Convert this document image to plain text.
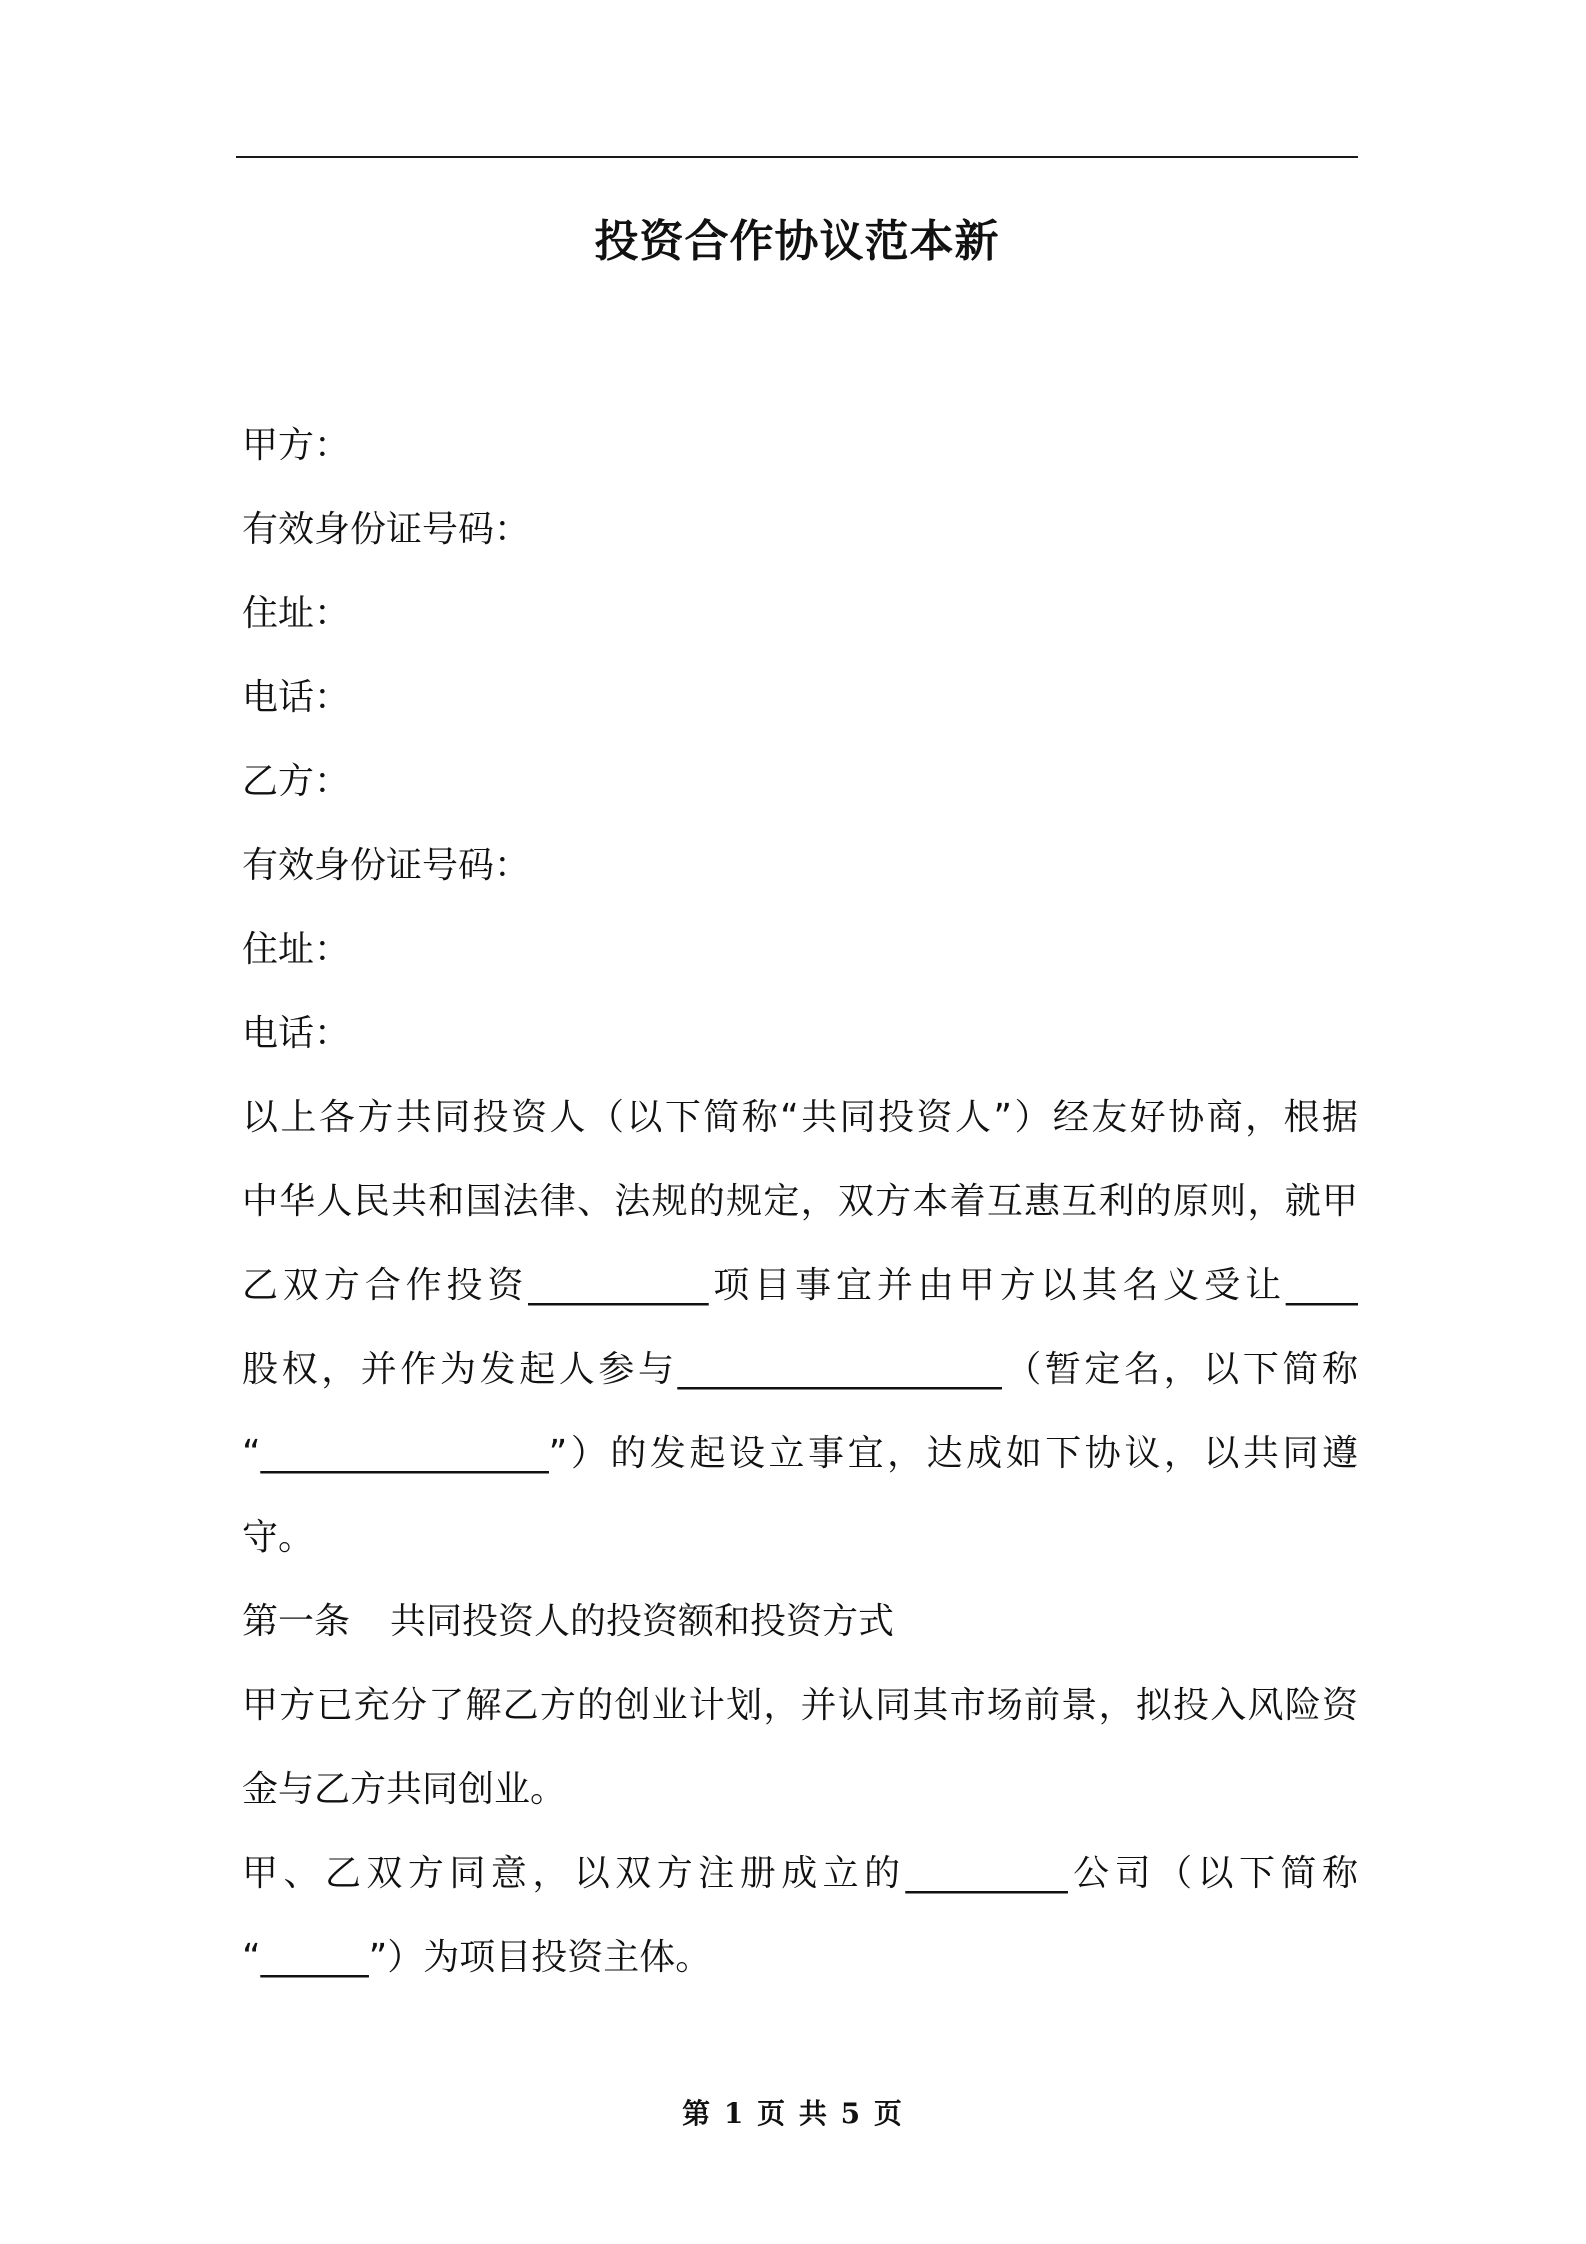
投资合作协议范本新
甲方：
有效身份证号码：
住址：
电话：
乙方：
有效身份证号码：
住址：
电话：
以上各方共同投资人（以下简称“共同投资人”）经友好协商，根据
中华人民共和国法律、法规的规定，双方本着互惠互利的原则，就甲
乙双方合作投资__________项目事宜并由甲方以其名义受让____
股权，并作为发起人参与__________________（暂定名，以下简称
“________________”）的发起设立事宜，达成如下协议，以共同遵
守。
第一条 共同投资人的投资额和投资方式
甲方已充分了解乙方的创业计划，并认同其市场前景，拟投入风险资
金与乙方共同创业。
甲、乙双方同意，以双方注册成立的_________公司（以下简称
“______”）为项目投资主体。
第 1 页 共 5 页
